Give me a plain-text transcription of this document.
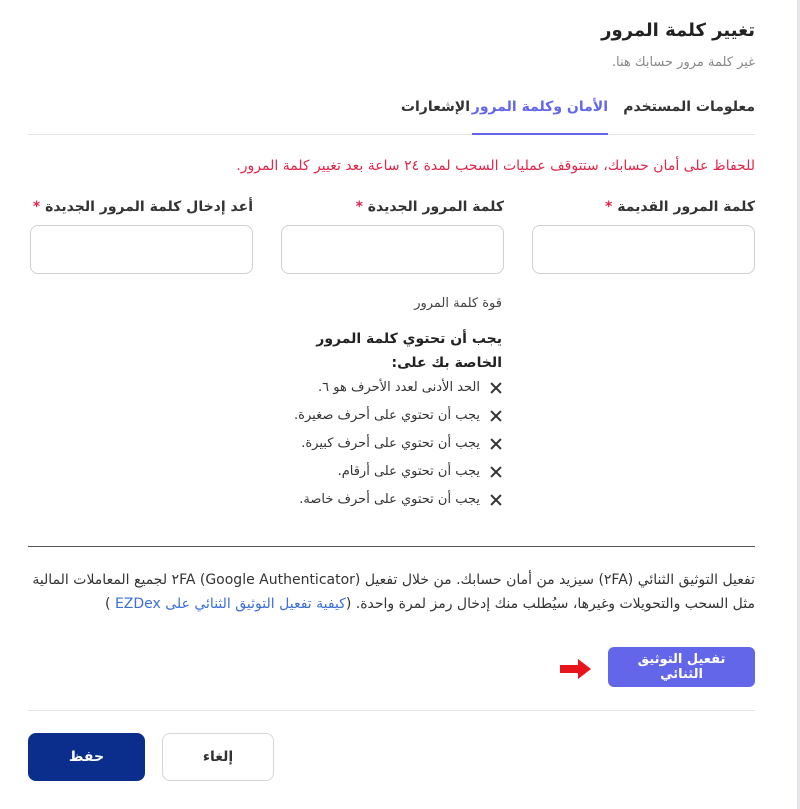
تغيير كلمة المرور
غير كلمة مرور حسابك هنا.
معلومات المستخدم
الأمان وكلمة المرور
الإشعارات
للحفاظ على أمان حسابك، ستتوقف عمليات السحب لمدة ٢٤ ساعة بعد تغيير كلمة المرور.
كلمة المرور القديمة *
كلمة المرور الجديدة *
أعد إدخال كلمة المرور الجديدة *
قوة كلمة المرور
يجب أن تحتوي كلمة المرور الخاصة بك على:
الحد الأدنى لعدد الأحرف هو ٦.
يجب أن تحتوي على أحرف صغيرة.
يجب أن تحتوي على أحرف كبيرة.
يجب أن تحتوي على أرقام.
يجب أن تحتوي على أحرف خاصة.
تفعيل التوثيق الثنائي (٢FA) سيزيد من أمان حسابك. من خلال تفعيل ٢FA (Google Authenticator) لجميع المعاملات المالية مثل السحب والتحويلات وغيرها، سيُطلب منك إدخال رمز لمرة واحدة. (كيفية تفعيل التوثيق الثنائي على EZDex )
تفعيل التوثيق الثنائي
إلغاء
حفظ
